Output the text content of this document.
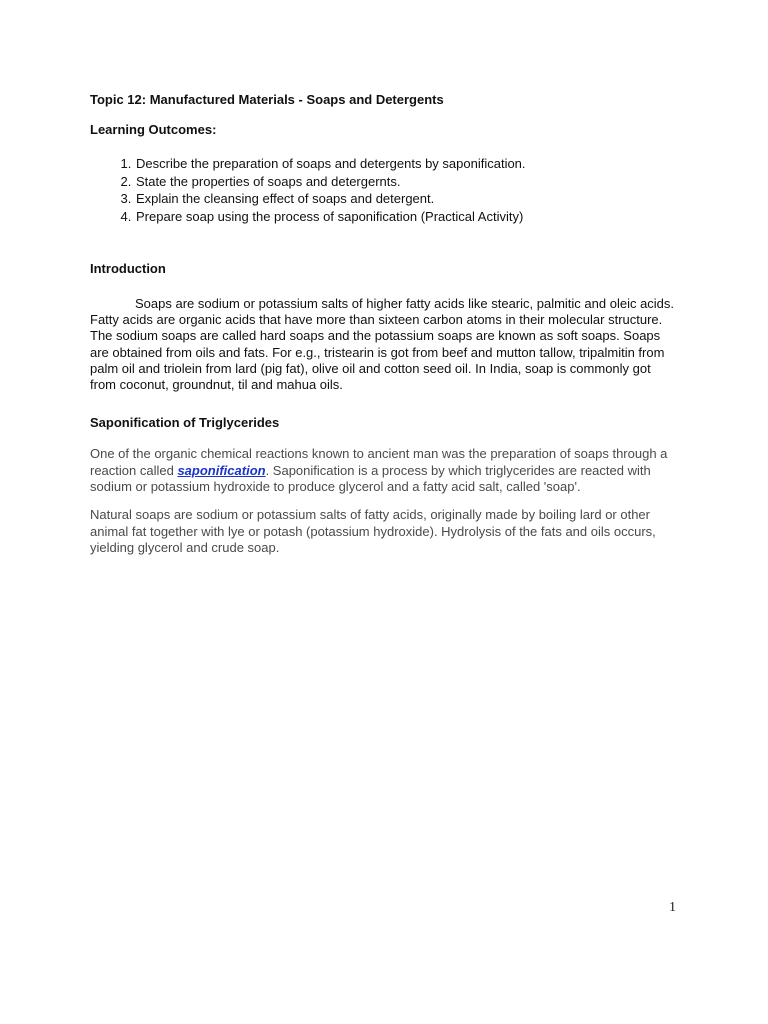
Topic 12: Manufactured Materials - Soaps and Detergents

Learning Outcomes:

1. Describe the preparation of soaps and detergents by saponification.
2. State the properties of soaps and detergernts.
3. Explain the cleansing effect of soaps and detergent.
4. Prepare soap using the process of saponification (Practical Activity)

Introduction

Soaps are sodium or potassium salts of higher fatty acids like stearic, palmitic and oleic acids. Fatty acids are organic acids that have more than sixteen carbon atoms in their molecular structure. The sodium soaps are called hard soaps and the potassium soaps are known as soft soaps. Soaps are obtained from oils and fats. For e.g., tristearin is got from beef and mutton tallow, tripalmitin from palm oil and triolein from lard (pig fat), olive oil and cotton seed oil. In India, soap is commonly got from coconut, groundnut, til and mahua oils.

Saponification of Triglycerides

One of the organic chemical reactions known to ancient man was the preparation of soaps through a reaction called saponification. Saponification is a process by which triglycerides are reacted with sodium or potassium hydroxide to produce glycerol and a fatty acid salt, called 'soap'.

Natural soaps are sodium or potassium salts of fatty acids, originally made by boiling lard or other animal fat together with lye or potash (potassium hydroxide). Hydrolysis of the fats and oils occurs, yielding glycerol and crude soap.

1
